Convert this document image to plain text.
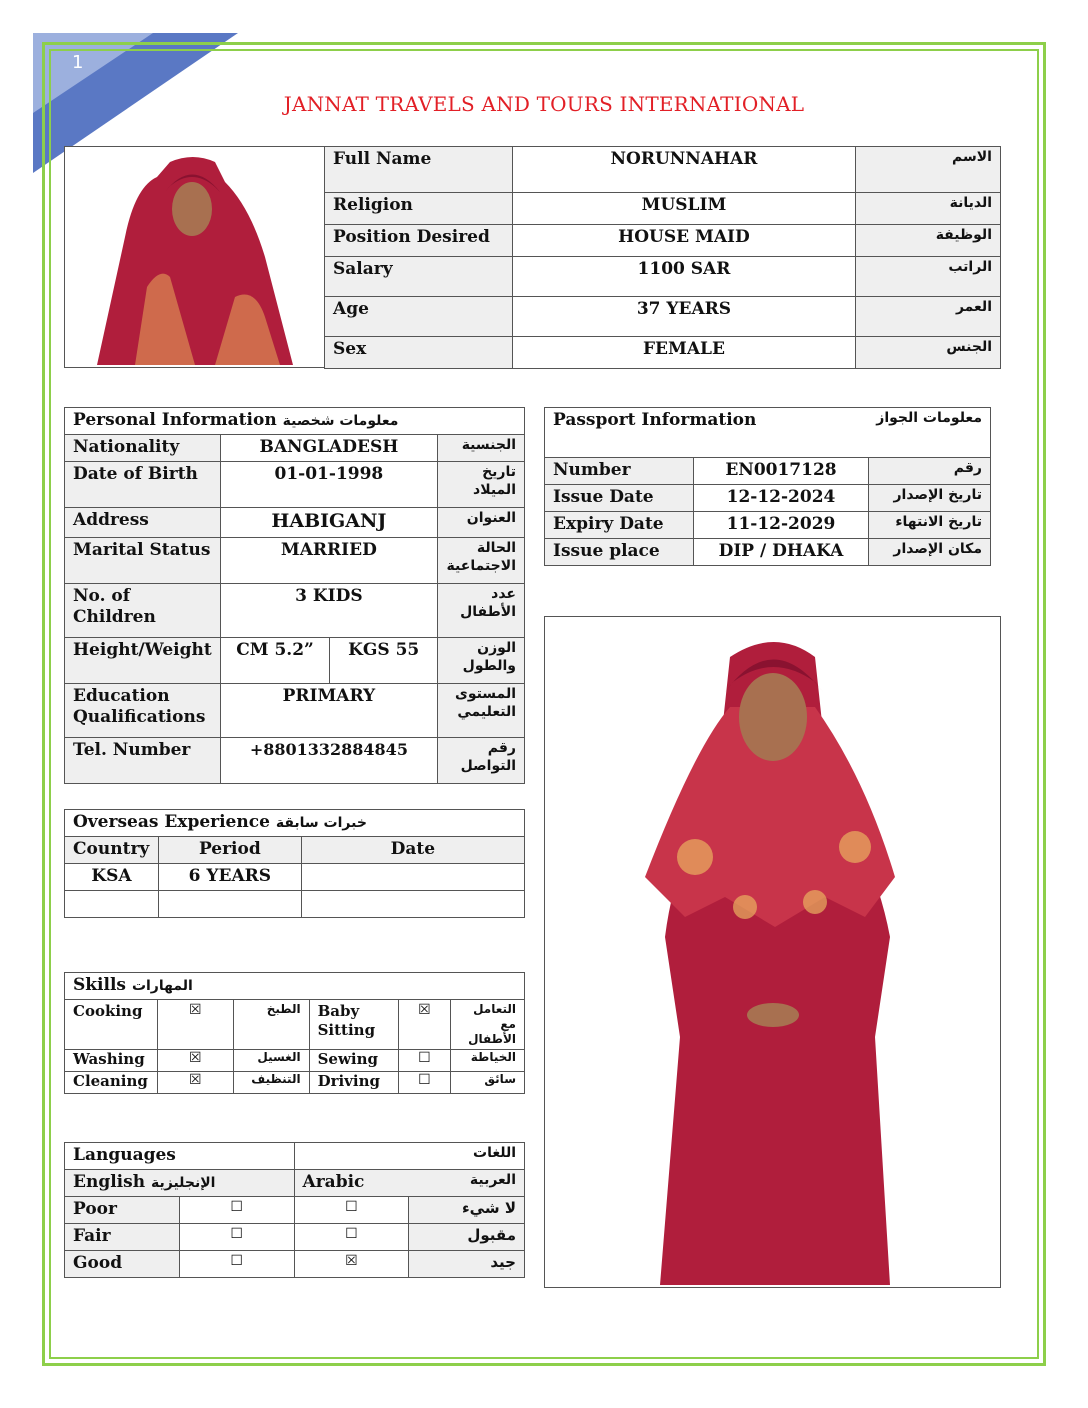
1
JANNAT TRAVELS AND TOURS INTERNATIONAL
Full Name	NORUNNAHAR	الاسم
Religion	MUSLIM	الديانة
Position Desired	HOUSE MAID	الوظيفة
Salary	1100 SAR	الراتب
Age	37 YEARS	العمر
Sex	FEMALE	الجنس
Personal Information معلومات شخصية			
Nationality	BANGLADESH		الجنسية
Date of Birth	01-01-1998		تاريخ الميلاد
Address	HABIGANJ		العنوان
Marital Status	MARRIED		الحالة الاجتماعية
No. of Children	3 KIDS		عدد الأطفال
Height/Weight	CM 5.2”	KGS 55	الوزن والطول
Education Qualifications	PRIMARY		المستوى التعليمي
Tel. Number	+8801332884845		رقم التواصل
Passport Information معلومات الجواز		

Number	EN0017128	رقم
Issue Date	12-12-2024	تاريخ الإصدار
Expiry Date	11-12-2029	تاريخ الانتهاء
Issue place	DIP / DHAKA	مكان الإصدار
Overseas Experience خبرات سابقة		
Country	Period	Date
KSA	6 YEARS	

Skills المهارات					
Cooking	☒	الطبخ	Baby Sitting	☒	التعامل مع الأطفال
Washing	☒	الغسيل	Sewing	☐	الخياطة
Cleaning	☒	التنظيف	Driving	☐	سائق
Languages		اللغات	
English الإنجليزية		Arabic العربية	

Poor	☐	☐	لا شيء
Fair	☐	☐	مقبول
Good	☐	☒	جيد
